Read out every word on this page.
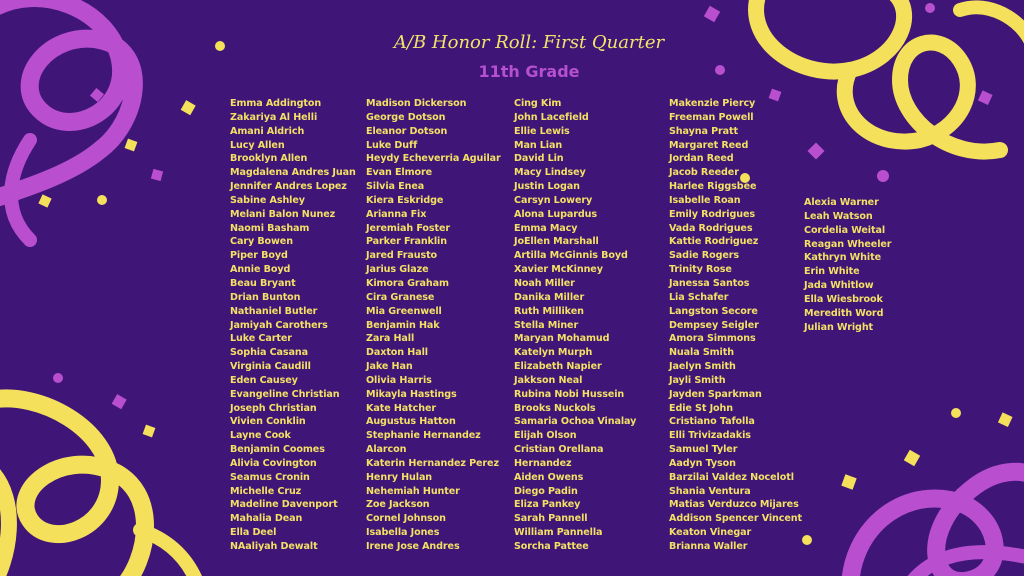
A/B Honor Roll: First Quarter
11th Grade
Emma Addington
Zakariya Al Helli
Amani Aldrich
Lucy Allen
Brooklyn Allen
Magdalena Andres Juan
Jennifer Andres Lopez
Sabine Ashley
Melani Balon Nunez
Naomi Basham
Cary Bowen
Piper Boyd
Annie Boyd
Beau Bryant
Drian Bunton
Nathaniel Butler
Jamiyah Carothers
Luke Carter
Sophia Casana
Virginia Caudill
Eden Causey
Evangeline Christian
Joseph Christian
Vivien Conklin
Layne Cook
Benjamin Coomes
Alivia Covington
Seamus Cronin
Michelle Cruz
Madeline Davenport
Mahalia Dean
Ella Deel
NAaliyah Dewalt
Madison Dickerson
George Dotson
Eleanor Dotson
Luke Duff
Heydy Echeverria Aguilar
Evan Elmore
Silvia Enea
Kiera Eskridge
Arianna Fix
Jeremiah Foster
Parker Franklin
Jared Frausto
Jarius Glaze
Kimora Graham
Cira Granese
Mia Greenwell
Benjamin Hak
Zara Hall
Daxton Hall
Jake Han
Olivia Harris
Mikayla Hastings
Kate Hatcher
Augustus Hatton
Stephanie Hernandez
Alarcon
Katerin Hernandez Perez
Henry Hulan
Nehemiah Hunter
Zoe Jackson
Cornel Johnson
Isabella Jones
Irene Jose Andres
Cing Kim
John Lacefield
Ellie Lewis
Man Lian
David Lin
Macy Lindsey
Justin Logan
Carsyn Lowery
Alona Lupardus
Emma Macy
JoEllen Marshall
Artilla McGinnis Boyd
Xavier McKinney
Noah Miller
Danika Miller
Ruth Milliken
Stella Miner
Maryan Mohamud
Katelyn Murph
Elizabeth Napier
Jakkson Neal
Rubina Nobi Hussein
Brooks Nuckols
Samaria Ochoa Vinalay
Elijah Olson
Cristian Orellana
Hernandez
Aiden Owens
Diego Padin
Eliza Pankey
Sarah Pannell
William Pannella
Sorcha Pattee
Makenzie Piercy
Freeman Powell
Shayna Pratt
Margaret Reed
Jordan Reed
Jacob Reeder
Harlee Riggsbee
Isabelle Roan
Emily Rodrigues
Vada Rodrigues
Kattie Rodriguez
Sadie Rogers
Trinity Rose
Janessa Santos
Lia Schafer
Langston Secore
Dempsey Seigler
Amora Simmons
Nuala Smith
Jaelyn Smith
Jayli Smith
Jayden Sparkman
Edie St John
Cristiano Tafolla
Elli Trivizadakis
Samuel Tyler
Aadyn Tyson
Barzilai Valdez Nocelotl
Shania Ventura
Matias Verduzco Mijares
Addison Spencer Vincent
Keaton Vinegar
Brianna Waller
Alexia Warner
Leah Watson
Cordelia Weital
Reagan Wheeler
Kathryn White
Erin White
Jada Whitlow
Ella Wiesbrook
Meredith Word
Julian Wright
